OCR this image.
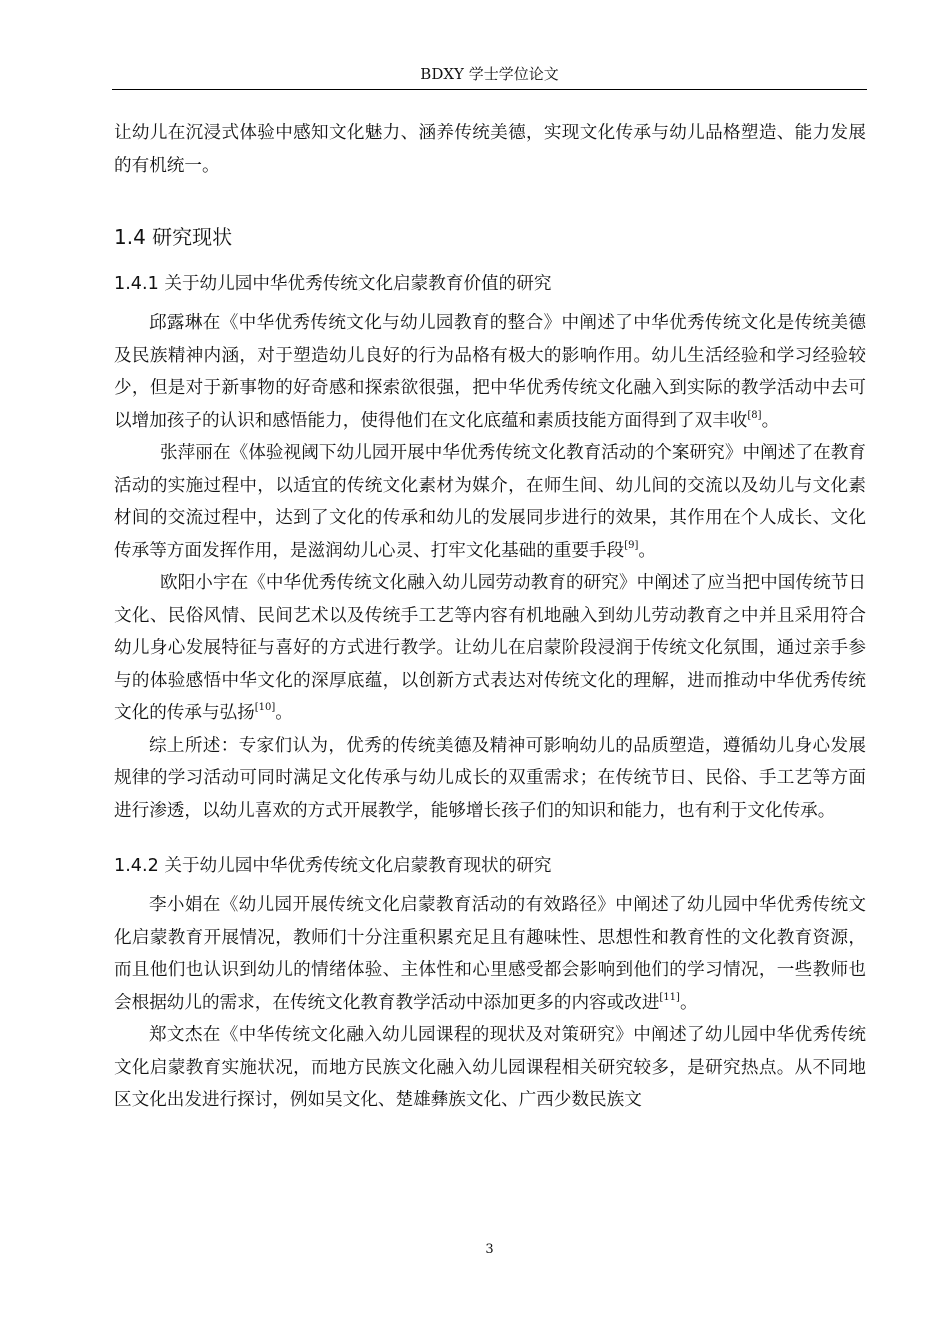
BDXY 学士学位论文

让幼儿在沉浸式体验中感知文化魅力、涵养传统美德，实现文化传承与幼儿品格塑造、能力发展的有机统一。

1.4 研究现状
1.4.1 关于幼儿园中华优秀传统文化启蒙教育价值的研究

邱露琳在《中华优秀传统文化与幼儿园教育的整合》中阐述了中华优秀传统文化是传统美德及民族精神内涵，对于塑造幼儿良好的行为品格有极大的影响作用。幼儿生活经验和学习经验较少，但是对于新事物的好奇感和探索欲很强，把中华优秀传统文化融入到实际的教学活动中去可以增加孩子的认识和感悟能力，使得他们在文化底蕴和素质技能方面得到了双丰收[8]。

张萍丽在《体验视阈下幼儿园开展中华优秀传统文化教育活动的个案研究》中阐述了在教育活动的实施过程中，以适宜的传统文化素材为媒介，在师生间、幼儿间的交流以及幼儿与文化素材间的交流过程中，达到了文化的传承和幼儿的发展同步进行的效果，其作用在个人成长、文化传承等方面发挥作用，是滋润幼儿心灵、打牢文化基础的重要手段[9]。

欧阳小宇在《中华优秀传统文化融入幼儿园劳动教育的研究》中阐述了应当把中国传统节日文化、民俗风情、民间艺术以及传统手工艺等内容有机地融入到幼儿劳动教育之中并且采用符合幼儿身心发展特征与喜好的方式进行教学。让幼儿在启蒙阶段浸润于传统文化氛围，通过亲手参与的体验感悟中华文化的深厚底蕴，以创新方式表达对传统文化的理解，进而推动中华优秀传统文化的传承与弘扬[10]。

综上所述：专家们认为，优秀的传统美德及精神可影响幼儿的品质塑造，遵循幼儿身心发展规律的学习活动可同时满足文化传承与幼儿成长的双重需求；在传统节日、民俗、手工艺等方面进行渗透，以幼儿喜欢的方式开展教学，能够增长孩子们的知识和能力，也有利于文化传承。

1.4.2 关于幼儿园中华优秀传统文化启蒙教育现状的研究

李小娟在《幼儿园开展传统文化启蒙教育活动的有效路径》中阐述了幼儿园中华优秀传统文化启蒙教育开展情况，教师们十分注重积累充足且有趣味性、思想性和教育性的文化教育资源，而且他们也认识到幼儿的情绪体验、主体性和心里感受都会影响到他们的学习情况，一些教师也会根据幼儿的需求，在传统文化教育教学活动中添加更多的内容或改进[11]。

郑文杰在《中华传统文化融入幼儿园课程的现状及对策研究》中阐述了幼儿园中华优秀传统文化启蒙教育实施状况，而地方民族文化融入幼儿园课程相关研究较多，是研究热点。从不同地区文化出发进行探讨，例如吴文化、楚雄彝族文化、广西少数民族文

3
